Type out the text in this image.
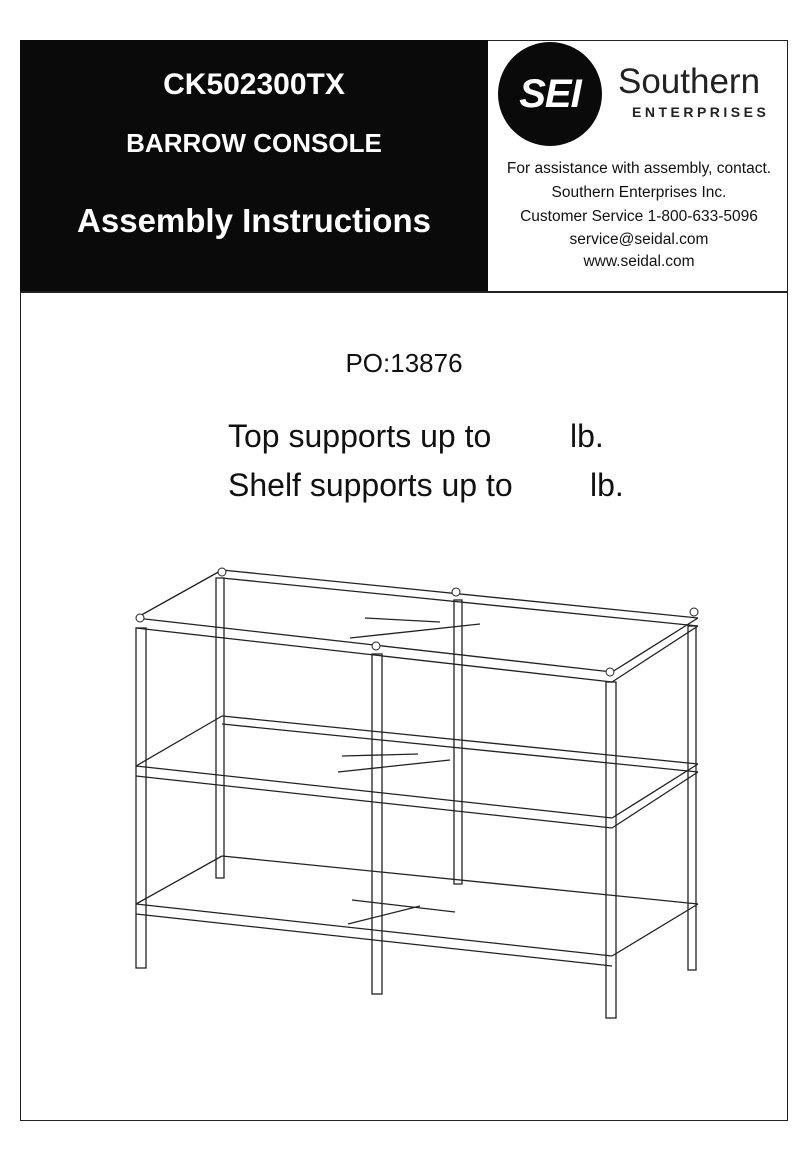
CK502300TX
BARROW CONSOLE
Assembly Instructions
SEI	Southern
ENTERPRISES
For assistance with assembly, contact.
Southern Enterprises Inc.
Customer Service 1-800-633-5096
service@seidal.com
www.seidal.com
PO:13876
Top supports up to lb.
Shelf supports up to lb.
